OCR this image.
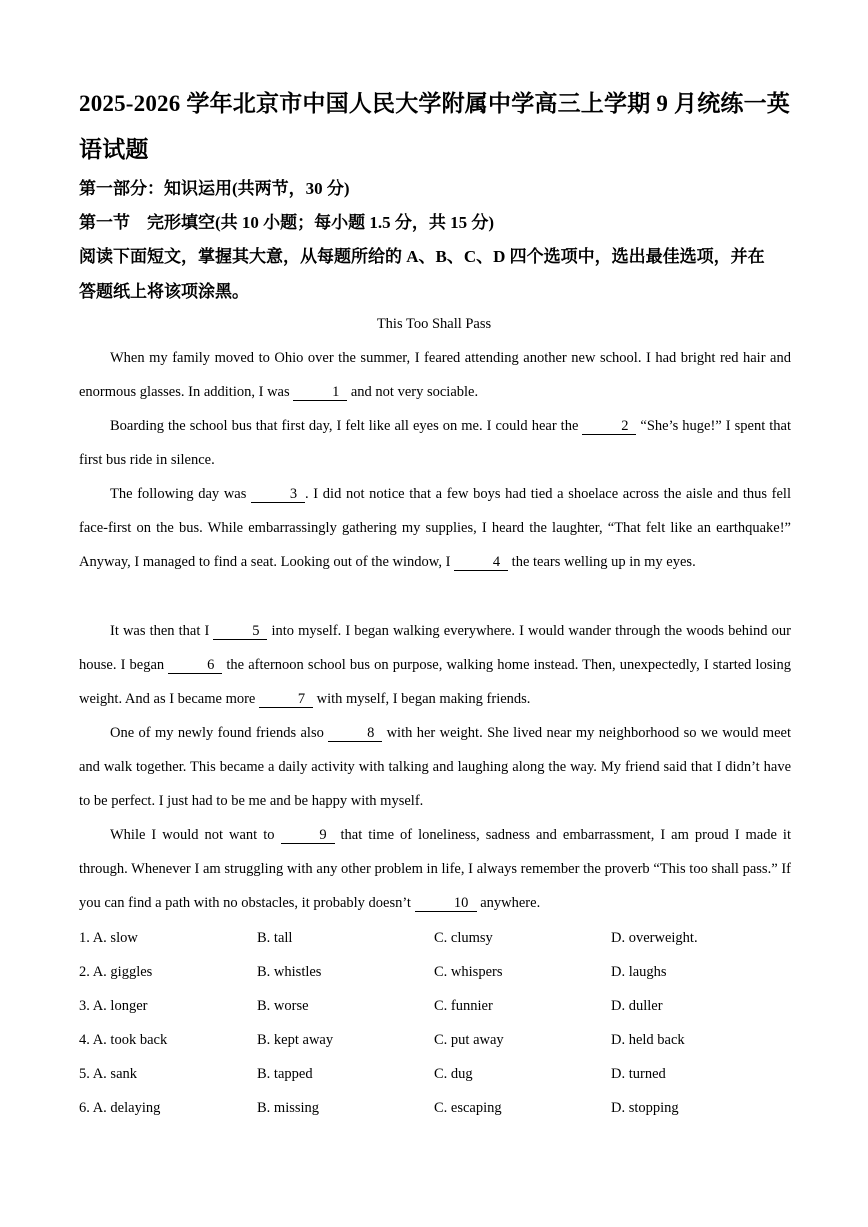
2025-2026 学年北京市中国人民大学附属中学高三上学期 9 月统练一英
语试题
第一部分：知识运用(共两节，30 分)
第一节　完形填空(共 10 小题；每小题 1.5 分，共 15 分)
阅读下面短文，掌握其大意，从每题所给的 A、B、C、D 四个选项中，选出最佳选项，并在
答题纸上将该项涂黑。
This Too Shall Pass

When my family moved to Ohio over the summer, I feared attending another new school. I had bright red hair and enormous glasses. In addition, I was	1 and not very sociable.

Boarding the school bus that first day, I felt like all eyes on me. I could hear the	2 “She’s huge!” I spent that first bus ride in silence.

The following day was	3 . I did not notice that a few boys had tied a shoelace across the aisle and thus fell face-first on the bus. While embarrassingly gathering my supplies, I heard the laughter, “That felt like an earthquake!” Anyway, I managed to find a seat. Looking out of the window, I	4 the tears welling up in my eyes.

It was then that I	5 into myself. I began walking everywhere. I would wander through the woods behind our house. I began	6 the afternoon school bus on purpose, walking home instead. Then, unexpectedly, I started losing weight. And as I became more	7 with myself, I began making friends.

One of my newly found friends also	8 with her weight. She lived near my neighborhood so we would meet and walk together. This became a daily activity with talking and laughing along the way. My friend said that I didn’t have to be perfect. I just had to be me and be happy with myself.

While I would not want to	9 that time of loneliness, sadness and embarrassment, I am proud I made it through. Whenever I am struggling with any other problem in life, I always remember the proverb “This too shall pass.” If you can find a path with no obstacles, it probably doesn’t	10 anywhere.

1. A. slow	B. tall	C. clumsy	D. overweight.
2. A. giggles	B. whistles	C. whispers	D. laughs
3. A. longer	B. worse	C. funnier	D. duller
4. A. took back	B. kept away	C. put away	D. held back
5. A. sank	B. tapped	C. dug	D. turned
6. A. delaying	B. missing	C. escaping	D. stopping
